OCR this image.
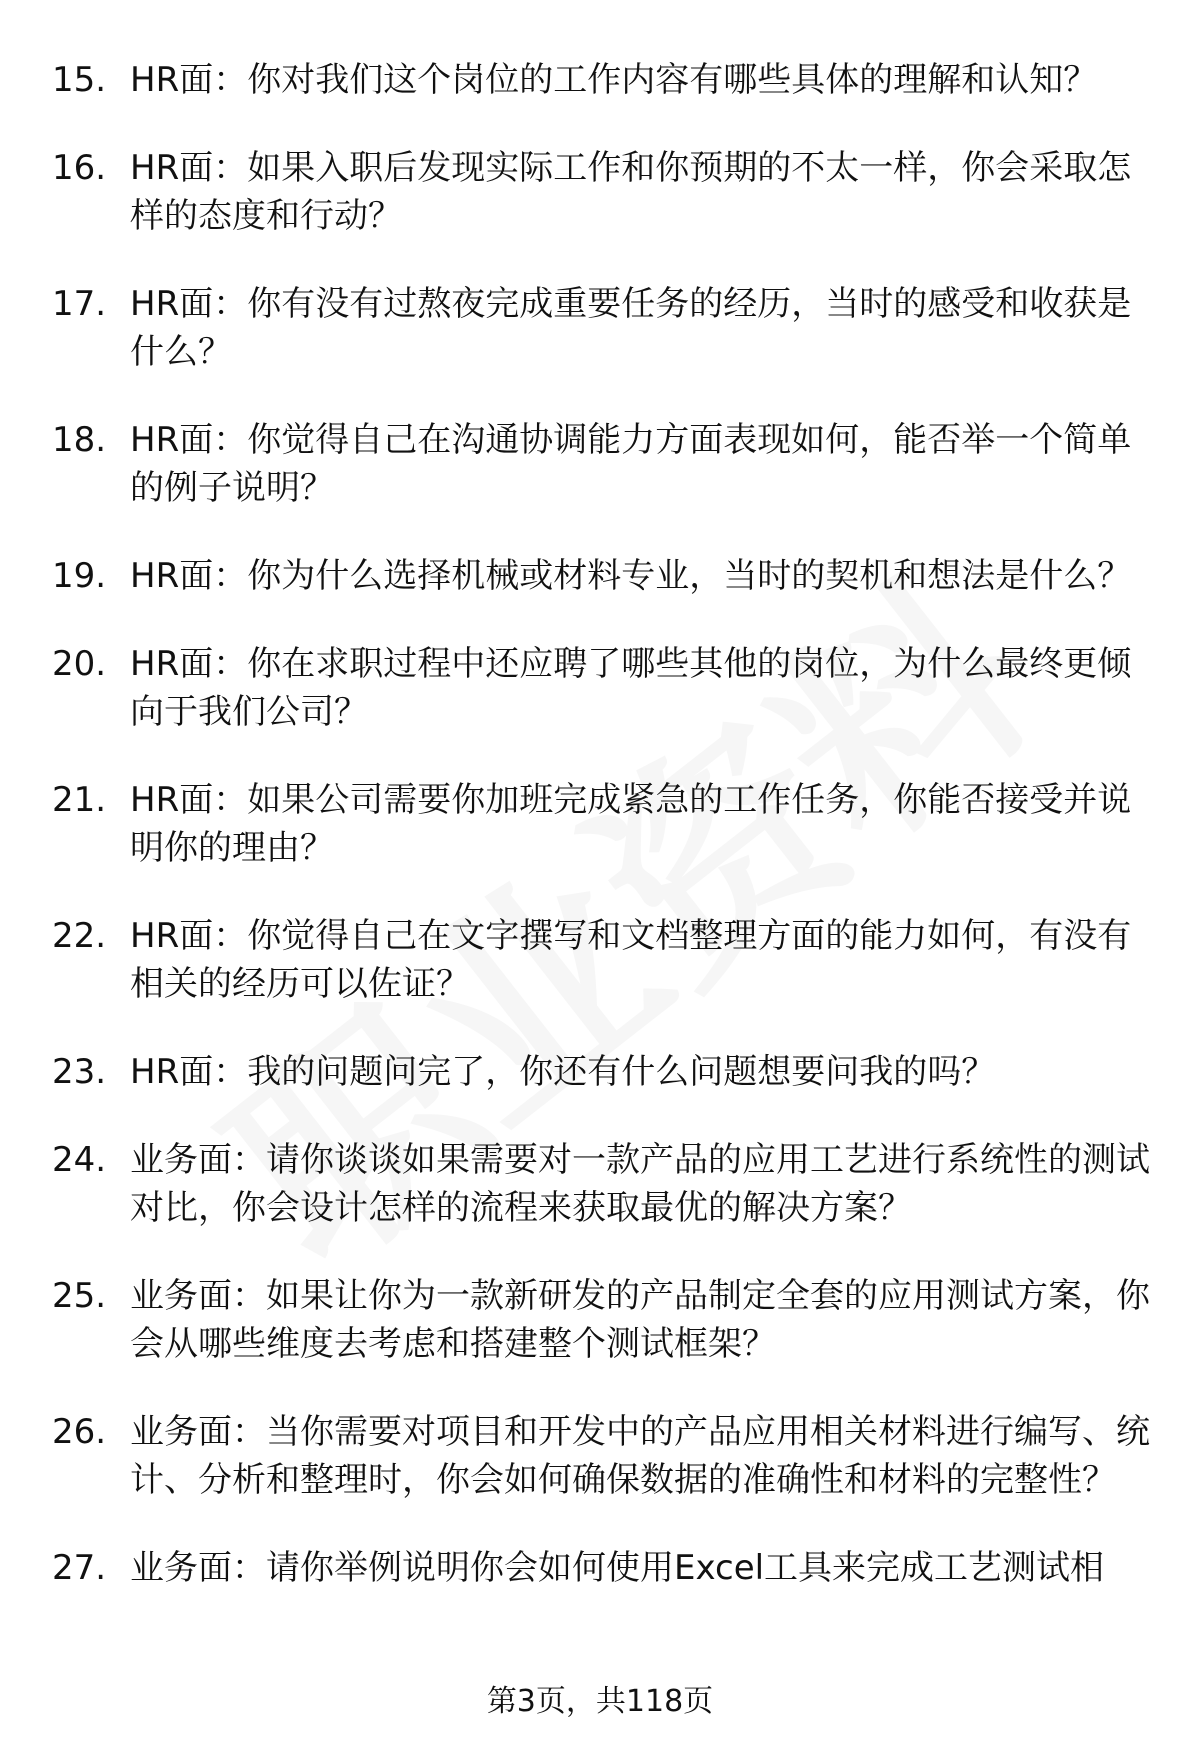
15. HR面：你对我们这个岗位的工作内容有哪些具体的理解和认知？
16. HR面：如果入职后发现实际工作和你预期的不太一样，你会采取怎样的态度和行动？
17. HR面：你有没有过熬夜完成重要任务的经历，当时的感受和收获是什么？
18. HR面：你觉得自己在沟通协调能力方面表现如何，能否举一个简单的例子说明？
19. HR面：你为什么选择机械或材料专业，当时的契机和想法是什么？
20. HR面：你在求职过程中还应聘了哪些其他的岗位，为什么最终更倾向于我们公司？
21. HR面：如果公司需要你加班完成紧急的工作任务，你能否接受并说明你的理由？
22. HR面：你觉得自己在文字撰写和文档整理方面的能力如何，有没有相关的经历可以佐证？
23. HR面：我的问题问完了，你还有什么问题想要问我的吗？
24. 业务面：请你谈谈如果需要对一款产品的应用工艺进行系统性的测试对比，你会设计怎样的流程来获取最优的解决方案？
25. 业务面：如果让你为一款新研发的产品制定全套的应用测试方案，你会从哪些维度去考虑和搭建整个测试框架？
26. 业务面：当你需要对项目和开发中的产品应用相关材料进行编写、统计、分析和整理时，你会如何确保数据的准确性和材料的完整性？
27. 业务面：请你举例说明你会如何使用Excel工具来完成工艺测试相
第3页，共118页
